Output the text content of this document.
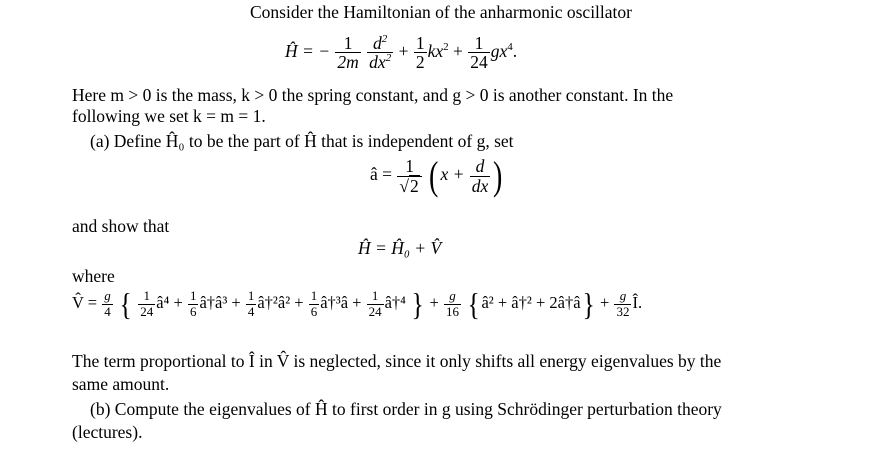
Consider the Hamiltonian of the anharmonic oscillator
Ĥ = − $\frac{1}{2m}$
$\frac{d^2}{dx^2} + \frac{1}{2} kx^2 + \frac{1}{24} gx^4$.
Here m > 0 is the mass, k > 0 the spring constant, and g > 0 is another constant. In the
following we set k = m = 1.
(a) Define Ĥ₀ to be the part of Ĥ that is independent of g, set
â = $\frac{1}{√2}$ ( $x + \frac{d}{dx}$ )
and show that
Ĥ = Ĥ₀ + V̂
where
V̂ = $\frac{g}{4}$ { $\frac{1}{24}$ â⁴ + $\frac{1}{6}$ â†â³ + $\frac{1}{4}$ â†²â² + $\frac{1}{6}$ â†³â + $\frac{1}{24}$ â†⁴ } + $\frac{g}{16}$ {â² + â†² + 2â†â} + $\frac{g}{32}$ Î.
The term proportional to Î in V̂ is neglected, since it only shifts all energy eigenvalues by the
same amount.
(b) Compute the eigenvalues of Ĥ to first order in g using Schrödinger perturbation theory
(lectures).
